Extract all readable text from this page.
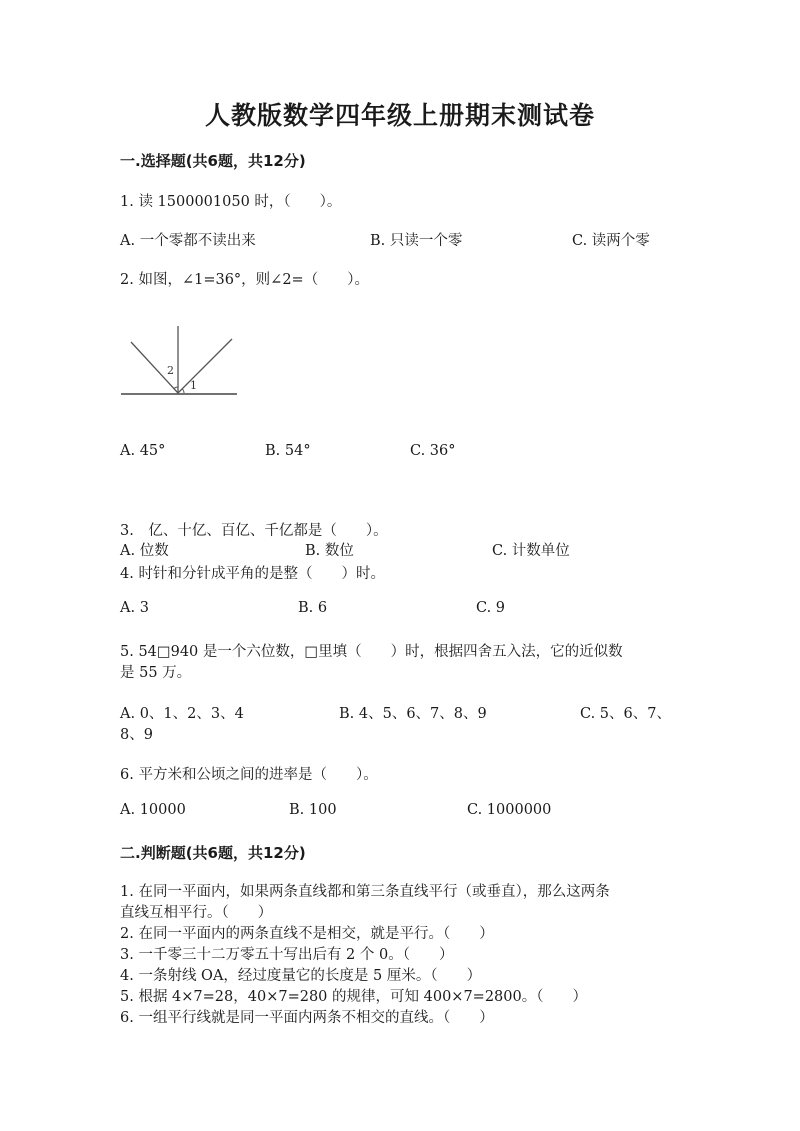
人教版数学四年级上册期末测试卷
一.选择题(共6题，共12分)
1. 读 1500001050 时，（　　）。
A. 一个零都不读出来	B. 只读一个零	C. 读两个零
2. 如图，∠1=36°，则∠2=（　　）。
2
1
A. 45°	B. 54°	C. 36°
3.　亿、十亿、百亿、千亿都是（　　）。
A. 位数	B. 数位	C. 计数单位
4. 时针和分针成平角的是整（　　）时。
A. 3	B. 6	C. 9
5. 54□940 是一个六位数，□里填（　　）时，根据四舍五入法，它的近似数
是 55 万。
A. 0、1、2、3、4	B. 4、5、6、7、8、9	C. 5、6、7、
8、9
6. 平方米和公顷之间的进率是（　　）。
A. 10000	B. 100	C. 1000000
二.判断题(共6题，共12分)
1. 在同一平面内，如果两条直线都和第三条直线平行（或垂直），那么这两条
直线互相平行。（　　）
2. 在同一平面内的两条直线不是相交，就是平行。（　　）
3. 一千零三十二万零五十写出后有 2 个 0。（　　）
4. 一条射线 OA，经过度量它的长度是 5 厘米。（　　）
5. 根据 4×7=28，40×7=280 的规律，可知 400×7=2800。（　　）
6. 一组平行线就是同一平面内两条不相交的直线。（　　）
